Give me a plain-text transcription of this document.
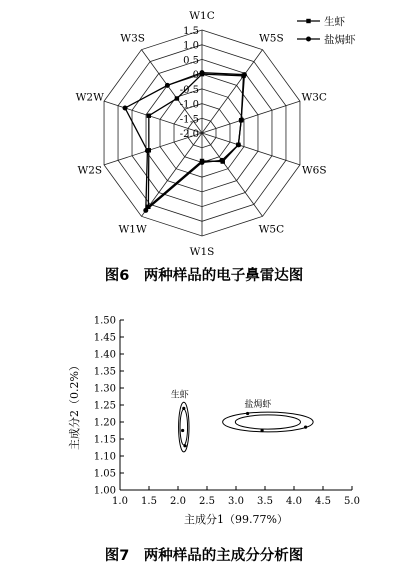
W1C
W5S
W3C
W6S
W5C
W1S
W1W
W2S
W2W
W3S
1.5
1.0
0.5
0
-0.5
-1.0
-1.5
-2.0
生虾
盐焗虾
图6　两种样品的电子鼻雷达图
1.00
1.05
1.10
1.15
1.20
1.25
1.30
1.35
1.40
1.45
1.50
1.0 1.5 2.0 2.5 3.0 3.5 4.0 4.5 5.0
生虾
盐焗虾
主成分1（99.77%）
主成分2（0.2%）
图7　两种样品的主成分分析图
